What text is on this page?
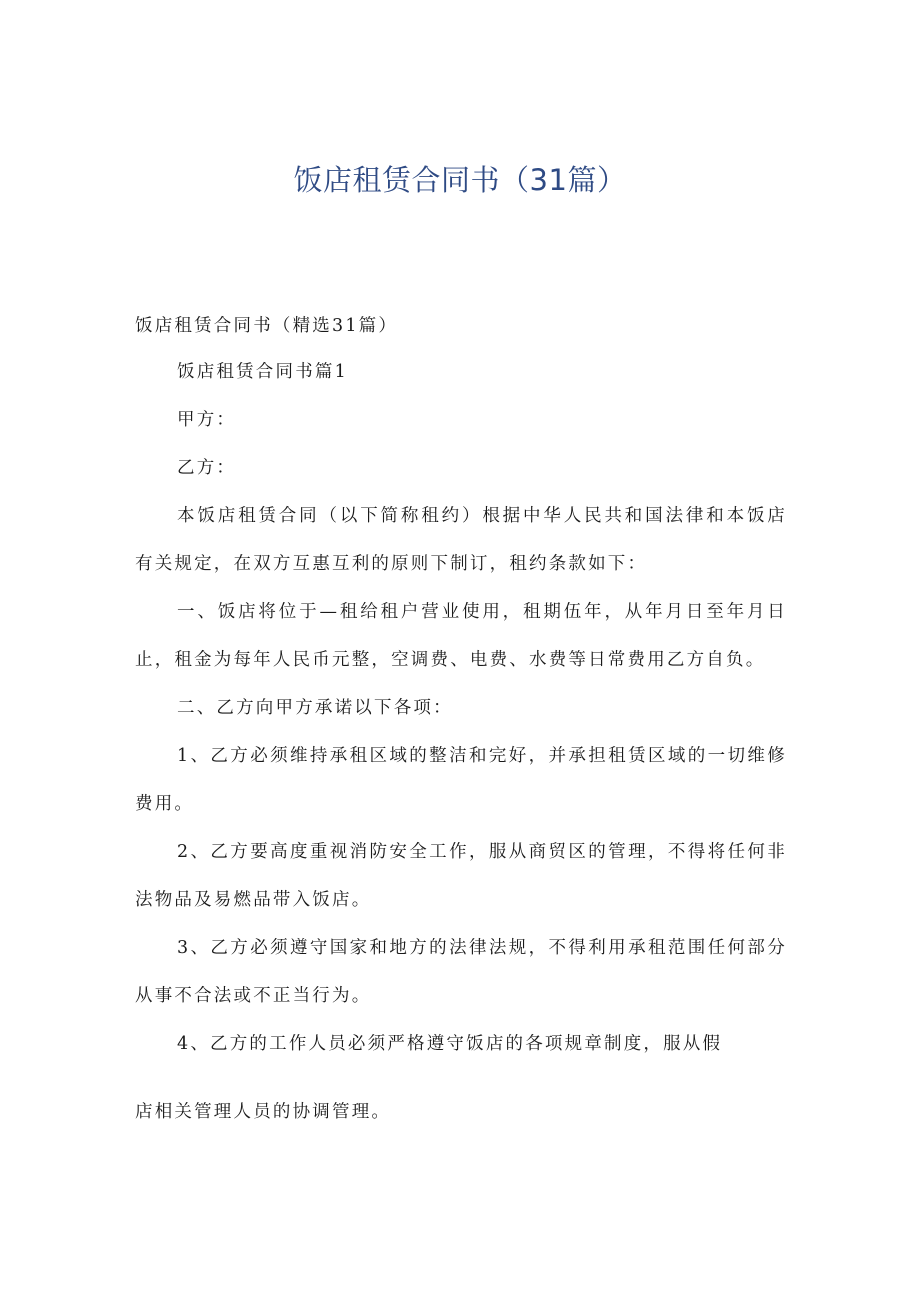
饭店租赁合同书（31篇）
饭店租赁合同书（精选31篇）

饭店租赁合同书篇1

甲方：

乙方：

本饭店租赁合同（以下简称租约）根据中华人民共和国法律和本饭店有关规定，在双方互惠互利的原则下制订，租约条款如下：

一、饭店将位于—租给租户营业使用，租期伍年，从年月日至年月日止，租金为每年人民币元整，空调费、电费、水费等日常费用乙方自负。

二、乙方向甲方承诺以下各项：

1、乙方必须维持承租区域的整洁和完好，并承担租赁区域的一切维修费用。

2、乙方要高度重视消防安全工作，服从商贸区的管理，不得将任何非法物品及易燃品带入饭店。

3、乙方必须遵守国家和地方的法律法规，不得利用承租范围任何部分从事不合法或不正当行为。

4、乙方的工作人员必须严格遵守饭店的各项规章制度，服从假

店相关管理人员的协调管理。
